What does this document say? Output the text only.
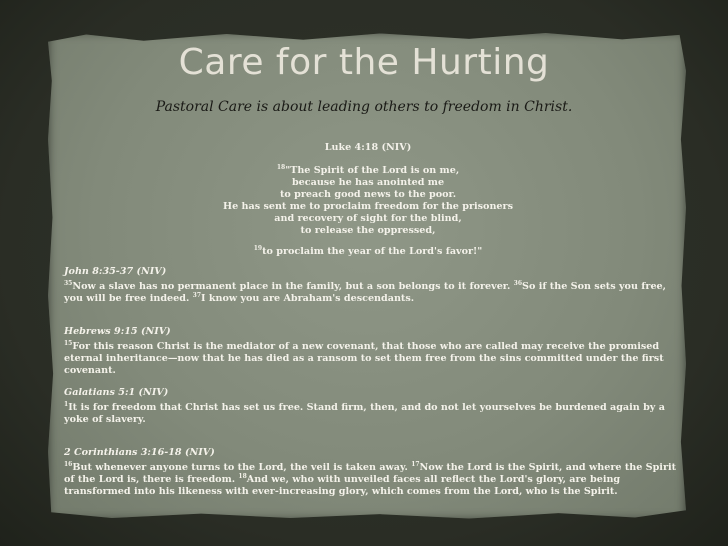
Care for the Hurting
Pastoral Care is about leading others to freedom in Christ.
Luke 4:18 (NIV)
$^{18}$"The Spirit of the Lord is on me,
because he has anointed me
to preach good news to the poor.
He has sent me to proclaim freedom for the prisoners
and recovery of sight for the blind,
to release the oppressed,
$^{19}$to proclaim the year of the Lord's favor!"
John 8:35-37 (NIV)
$^{35}$Now a slave has no permanent place in the family, but a son belongs to it forever. $^{36}$So if the Son sets you free, you will be free indeed. $^{37}$I know you are Abraham's descendants.
Hebrews 9:15 (NIV)
$^{15}$For this reason Christ is the mediator of a new covenant, that those who are called may receive the promised eternal inheritance—now that he has died as a ransom to set them free from the sins committed under the first covenant.
Galatians 5:1 (NIV)
$^1$It is for freedom that Christ has set us free. Stand firm, then, and do not let yourselves be burdened again by a yoke of slavery.
2 Corinthians 3:16-18 (NIV)
$^{16}$But whenever anyone turns to the Lord, the veil is taken away. $^{17}$Now the Lord is the Spirit, and where the Spirit of the Lord is, there is freedom. $^{18}$And we, who with unveiled faces all reflect the Lord's glory, are being transformed into his likeness with ever-increasing glory, which comes from the Lord, who is the Spirit.
